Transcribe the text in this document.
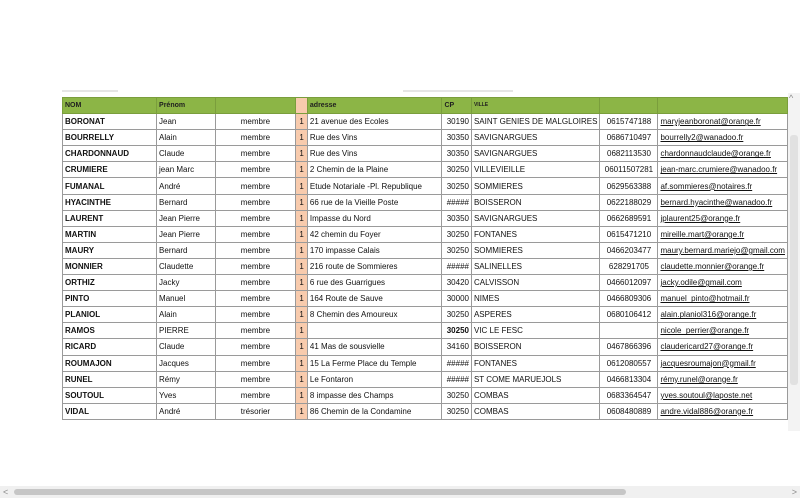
NOM	Prénom			adresse	CP	VILLE		
BORONAT	Jean	membre	1	21 avenue des Ecoles	30190	SAINT GENIES DE MALGLOIRES	0615747188	maryjeanboronat@orange.fr
BOURRELLY	Alain	membre	1	Rue des Vins	30350	SAVIGNARGUES	0686710497	bourrelly2@wanadoo.fr
CHARDONNAUD	Claude	membre	1	Rue des Vins	30350	SAVIGNARGUES	0682113530	chardonnaudclaude@orange.fr
CRUMIERE	jean Marc	membre	1	2 Chemin de la Plaine	30250	VILLEVIEILLE	06011507281	jean-marc.crumiere@wanadoo.fr
FUMANAL	André	membre	1	Etude Notariale -Pl. Republique	30250	SOMMIERES	0629563388	af.sommieres@notaires.fr
HYACINTHE	Bernard	membre	1	66 rue de la Vieille Poste	#####	BOISSERON	0622188029	bernard.hyacinthe@wanadoo.fr
LAURENT	Jean Pierre	membre	1	Impasse du Nord	30350	SAVIGNARGUES	0662689591	jplaurent25@orange.fr
MARTIN	Jean Pierre	membre	1	42 chemin du Foyer	30250	FONTANES	0615471210	mireille.mart@orange.fr
MAURY	Bernard	membre	1	170 impasse Calais	30250	SOMMIERES	0466203477	maury.bernard.mariejo@gmail.com
MONNIER	Claudette	membre	1	216 route de Sommieres	#####	SALINELLES	628291705	claudette.monnier@orange.fr
ORTHIZ	Jacky	membre	1	6 rue des Guarrigues	30420	CALVISSON	0466012097	jacky.odile@gmail.com
PINTO	Manuel	membre	1	164 Route de Sauve	30000	NIMES	0466809306	manuel_pinto@hotmail.fr
PLANIOL	Alain	membre	1	8 Chemin des Amoureux	30250	ASPERES	0680106412	alain.planiol316@orange.fr
RAMOS	PIERRE	membre	1		30250	VIC LE FESC		nicole_perrier@orange.fr
RICARD	Claude	membre	1	41 Mas de sousvielle	34160	BOISSERON	0467866396	claudericard27@orange.fr
ROUMAJON	Jacques	membre	1	15 La Ferme Place du Temple	#####	FONTANES	0612080557	jacquesroumajon@gmail.fr
RUNEL	Rémy	membre	1	Le Fontaron	#####	ST COME MARUEJOLS	0466813304	rémy.runel@orange.fr
SOUTOUL	Yves	membre	1	8 impasse des Champs	30250	COMBAS	0683364547	yves.soutoul@laposte.net
VIDAL	André	trésorier	1	86 Chemin de la Condamine	30250	COMBAS	0608480889	andre.vidal886@orange.fr
^
<	>
